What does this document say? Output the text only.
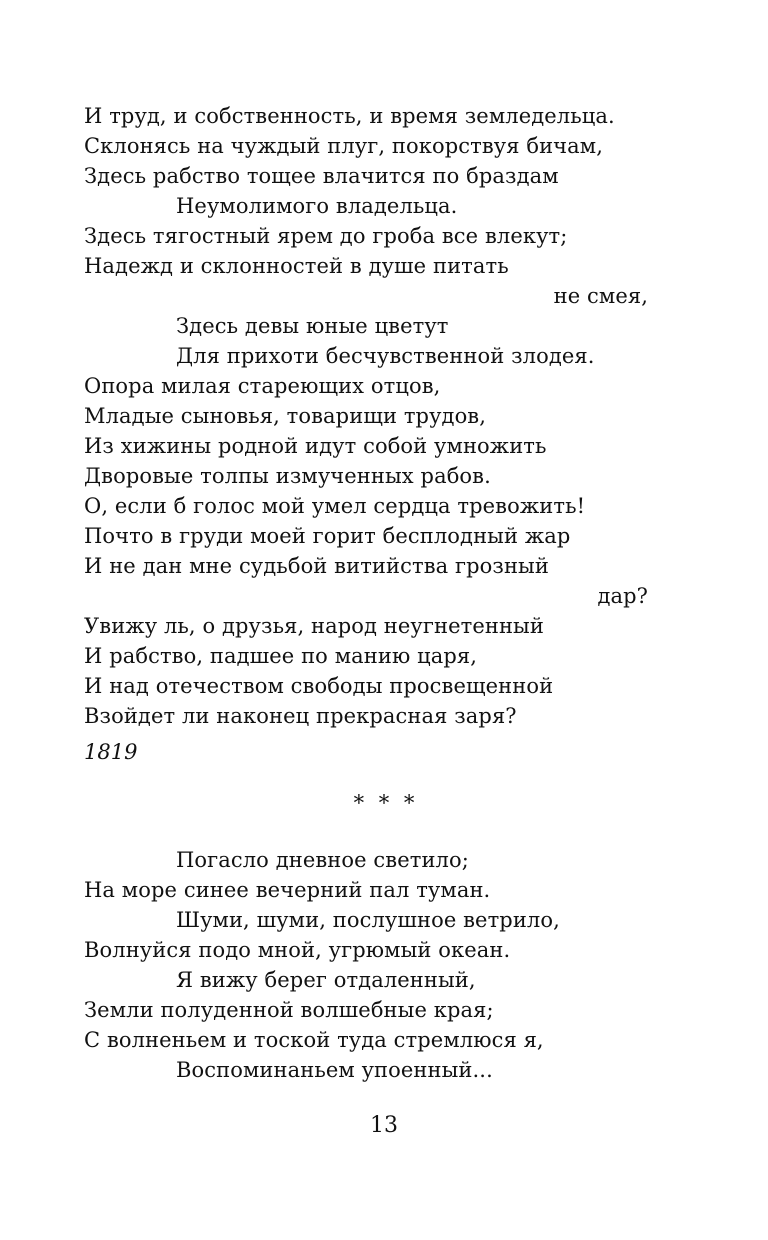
И труд, и собственность, и время земледельца.
Склонясь на чуждый плуг, покорствуя бичам,
Здесь рабство тощее влачится по браздам
Неумолимого владельца.
Здесь тягостный ярем до гроба все влекут;
Надежд и склонностей в душе питать
не смея,
Здесь девы юные цветут
Для прихоти бесчувственной злодея.
Опора милая стареющих отцов,
Младые сыновья, товарищи трудов,
Из хижины родной идут собой умножить
Дворовые толпы измученных рабов.
О, если б голос мой умел сердца тревожить!
Почто в груди моей горит бесплодный жар
И не дан мне судьбой витийства грозный
дар?
Увижу ль, о друзья, народ неугнетенный
И рабство, падшее по манию царя,
И над отечеством свободы просвещенной
Взойдет ли наконец прекрасная заря?
1819
* * *
Погасло дневное светило;
На море синее вечерний пал туман.
Шуми, шуми, послушное ветрило,
Волнуйся подо мной, угрюмый океан.
Я вижу берег отдаленный,
Земли полуденной волшебные края;
С волненьем и тоской туда стремлюся я,
Воспоминаньем упоенный...
13
